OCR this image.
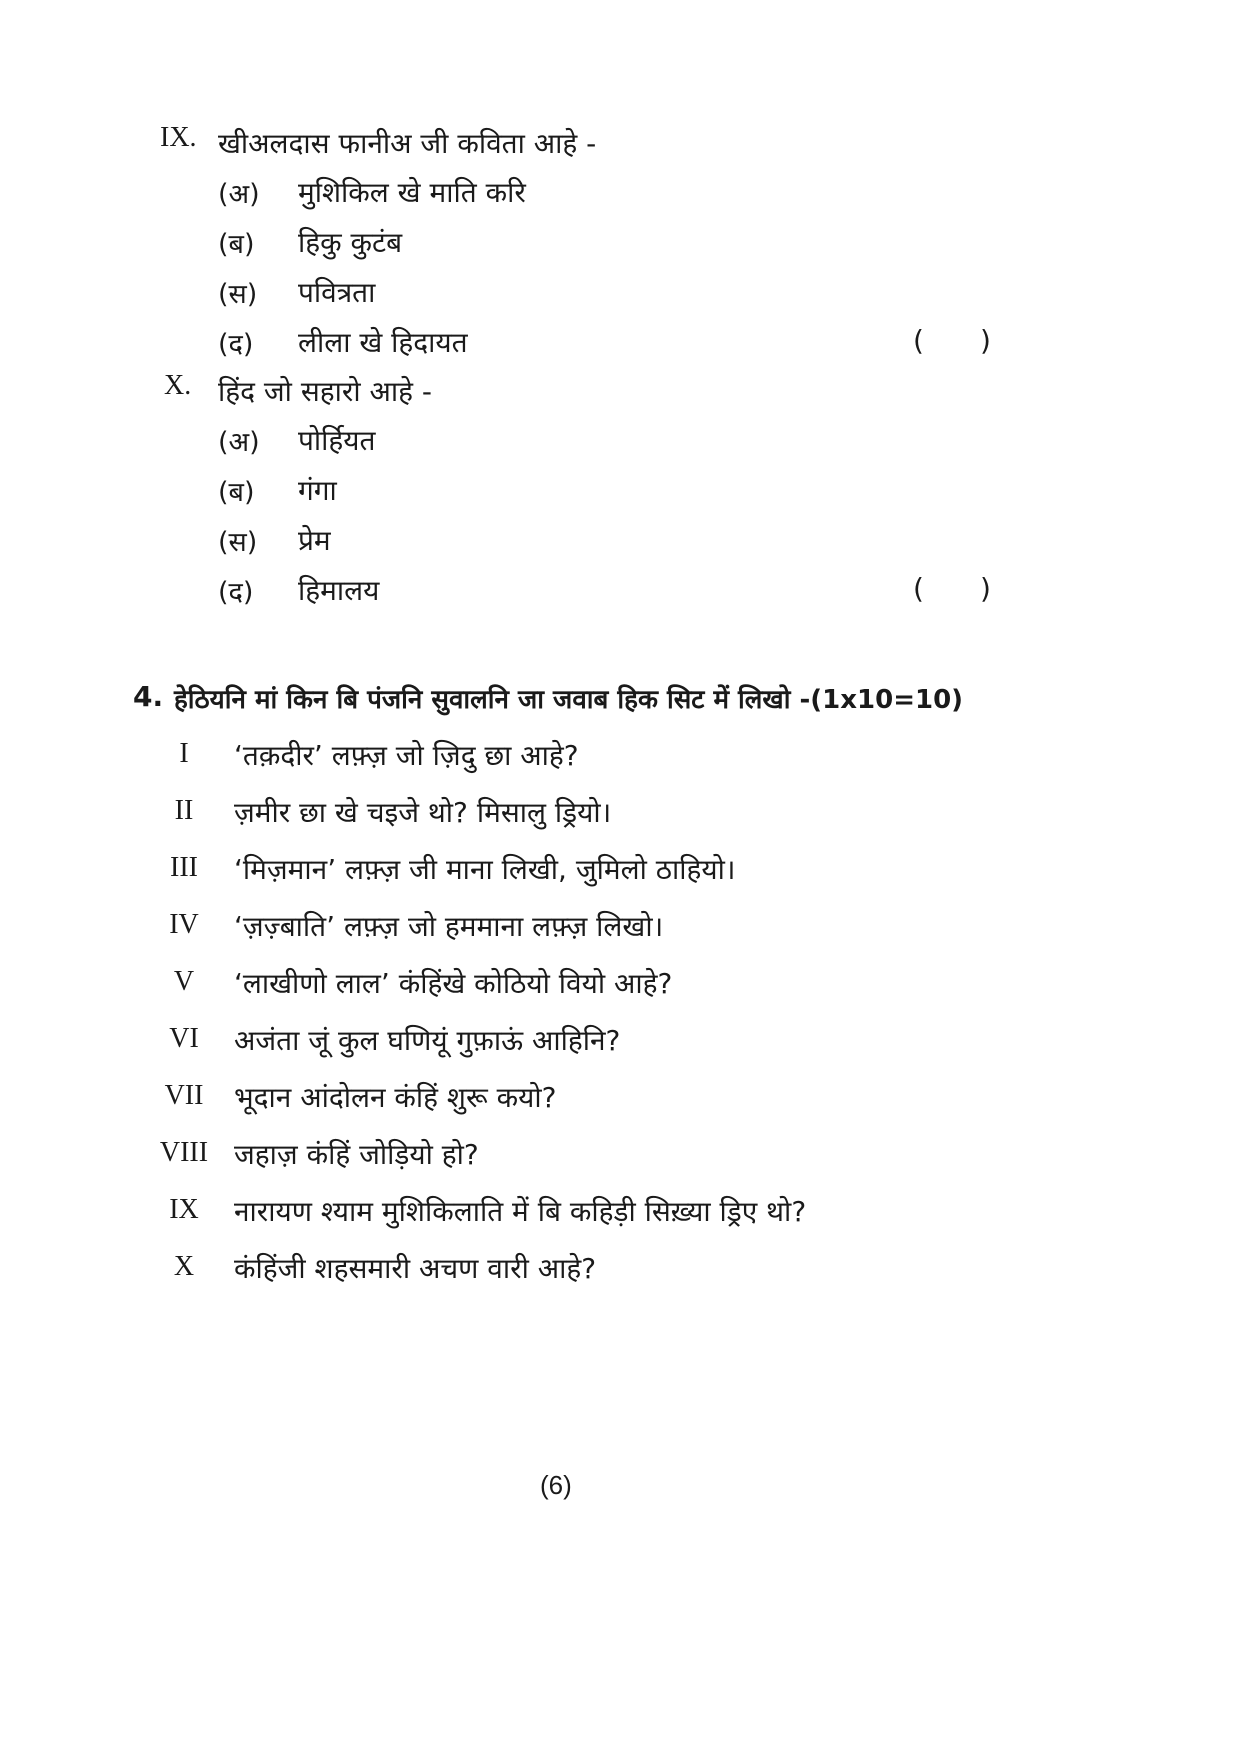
IX. खीअलदास फानीअ जी कविता आहे -
(अ) मुशिकिल खे माति करि
(ब) हिकु कुटंब
(स) पवित्रता
(द) लीला खे हिदायत	( )
X. हिंद जो सहारो आहे -
(अ) पोर्हियत
(ब) गंगा
(स) प्रेम
(द) हिमालय	( )
4. हेठियनि मां किन बि पंजनि सुवालनि जा जवाब हिक सिट में लिखो -(1x10=10)
I	‘तक़दीर’ लफ़्ज़ जो ज़िदु छा आहे?
II	ज़मीर छा खे चइजे थो? मिसालु ड्रियो।
III	‘मिज़मान’ लफ़्ज़ जी माना लिखी, जुमिलो ठाहियो।
IV	‘ज़ज़्बाति’ लफ़्ज़ जो हममाना लफ़्ज़ लिखो।
V	‘लाखीणो लाल’ कंहिंखे कोठियो वियो आहे?
VI	अजंता जूं कुल घणियूं गुफ़ाऊं आहिनि?
VII	भूदान आंदोलन कंहिं शुरू कयो?
VIII जहाज़ कंहिं जोड़ियो हो?
IX	नारायण श्याम मुशिकिलाति में बि कहिड़ी सिख़्या ड्रिए थो?
X	कंहिंजी शहसमारी अचण वारी आहे?
(6)
